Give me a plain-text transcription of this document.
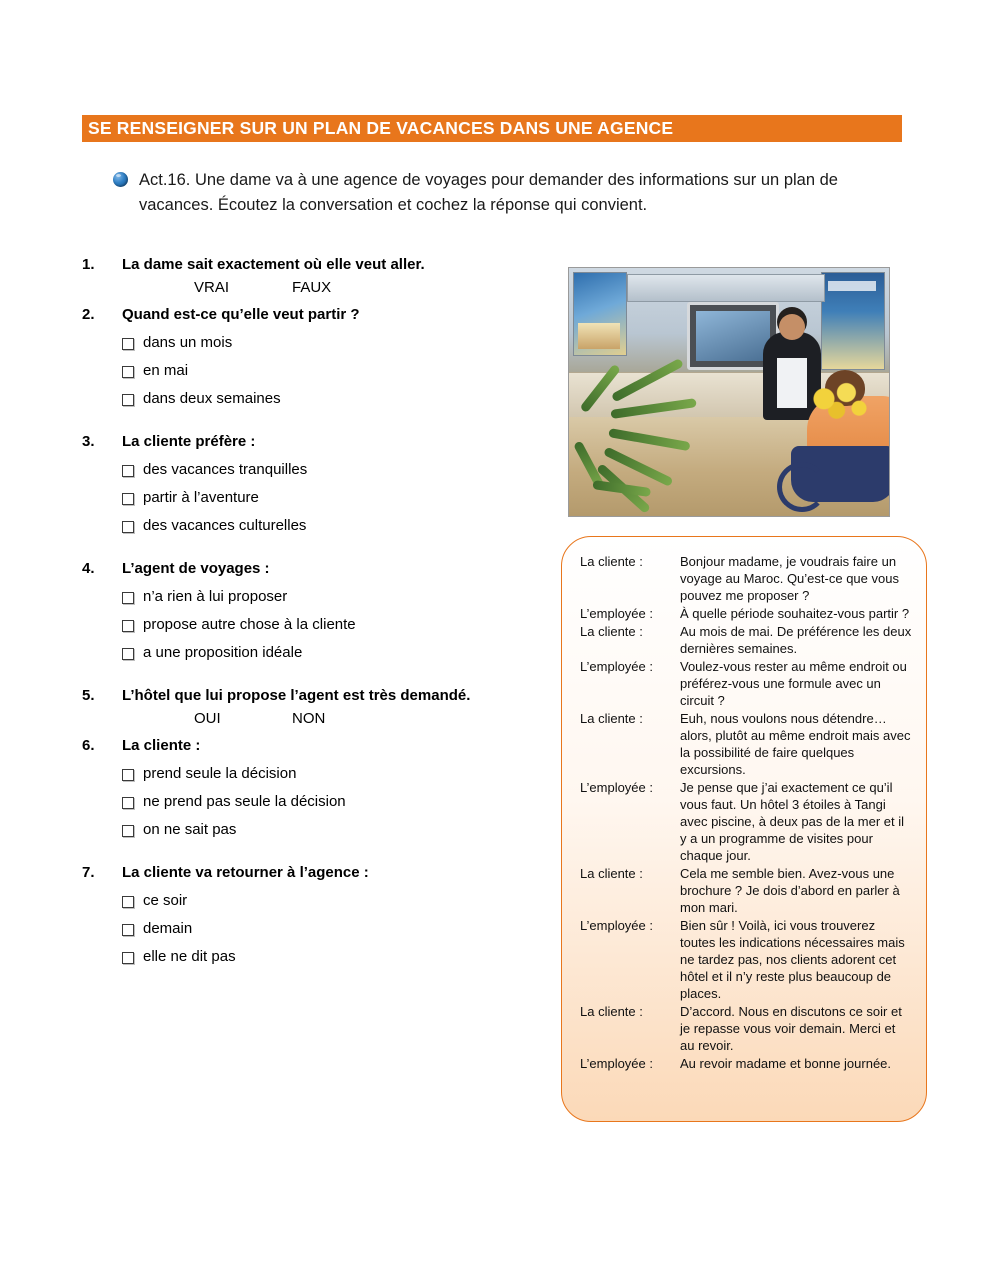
SE RENSEIGNER SUR UN PLAN DE VACANCES DANS UNE AGENCE
Act.16. Une dame va à une agence de voyages pour demander des informations sur un plan de vacances. Écoutez la conversation et cochez la réponse qui convient.
1.	La dame sait exactement où elle veut aller.
VRAI	FAUX
2.	Quand est-ce qu’elle veut partir ?
dans un mois
en mai
dans deux semaines
3.	La cliente préfère :
des vacances tranquilles
partir à l’aventure
des vacances culturelles
4.	L’agent de voyages :
n’a rien à lui proposer
propose autre chose à la cliente
a une proposition idéale
5.	L’hôtel que lui propose l’agent est très demandé.
OUI	NON
6.	La cliente :
prend seule la décision
ne prend pas seule la décision
on ne sait pas
7.	La cliente va retourner à l’agence :
ce soir
demain
elle ne dit pas
La cliente :	Bonjour madame, je voudrais faire un voyage au Maroc. Qu’est-ce que vous pouvez me proposer ?
L’employée :	À quelle période souhaitez-vous partir ?
La cliente :	Au mois de mai. De préférence les deux dernières semaines.
L’employée :	Voulez-vous rester au même endroit ou préférez-vous une formule avec un circuit ?
La cliente :	Euh, nous voulons nous détendre… alors, plutôt au même endroit mais avec la possibilité de faire quelques excursions.
L’employée :	Je pense que j’ai exactement ce qu’il vous faut. Un hôtel 3 étoiles à Tangi avec piscine, à deux pas de la mer et il y a un programme de visites pour chaque jour.
La cliente :	Cela me semble bien. Avez-vous une brochure ? Je dois d’abord en parler à mon mari.
L’employée :	Bien sûr ! Voilà, ici vous trouverez toutes les indications nécessaires mais ne tardez pas, nos clients adorent cet hôtel et il n’y reste plus beaucoup de places.
La cliente :	D’accord. Nous en discutons ce soir et je repasse vous voir demain. Merci et au revoir.
L’employée :	Au revoir madame et bonne journée.
